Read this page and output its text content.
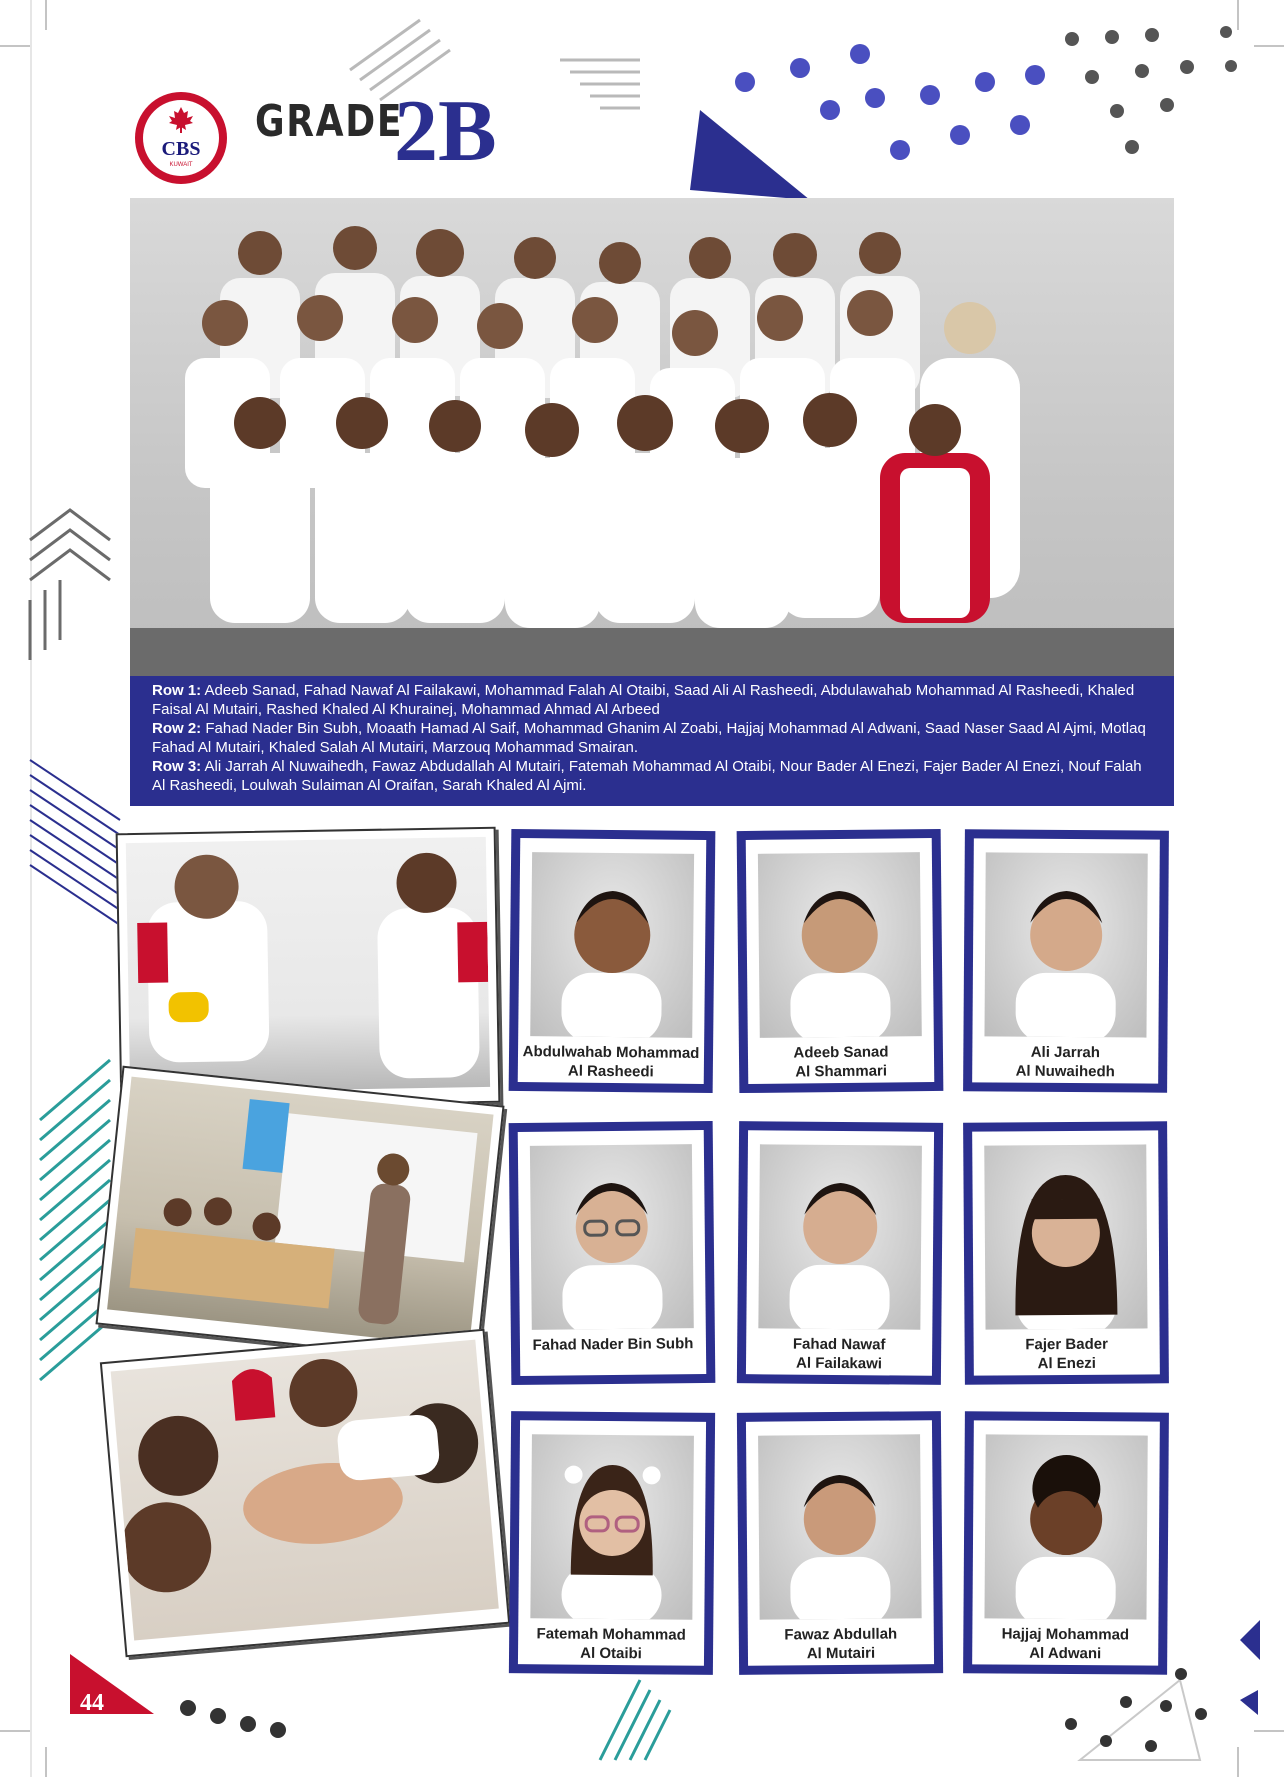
CBS
KUWAIT
GRADE
2B
Row 1: Adeeb Sanad, Fahad Nawaf Al Failakawi, Mohammad Falah Al Otaibi, Saad Ali Al Rasheedi, Abdulawahab Mohammad Al Rasheedi, Khaled Faisal Al Mutairi, Rashed Khaled Al Khurainej, Mohammad Ahmad Al Arbeed
Row 2: Fahad Nader Bin Subh, Moaath Hamad Al Saif, Mohammad Ghanim Al Zoabi, Hajjaj Mohammad Al Adwani, Saad Naser Saad Al Ajmi, Motlaq Fahad Al Mutairi, Khaled Salah Al Mutairi, Marzouq Mohammad Smairan.
Row 3: Ali Jarrah Al Nuwaihedh, Fawaz Abdudallah Al Mutairi, Fatemah Mohammad Al Otaibi, Nour Bader Al Enezi, Fajer Bader Al Enezi, Nouf Falah Al Rasheedi, Loulwah Sulaiman Al Oraifan, Sarah Khaled Al Ajmi.
Abdulwahab Mohammad
Al Rasheedi
Adeeb Sanad
Al Shammari
Ali Jarrah
Al Nuwaihedh
Fahad Nader Bin Subh	Fahad Nawaf
Al Failakawi
Fajer Bader
Al Enezi
Fatemah Mohammad
Al Otaibi
Fawaz Abdullah
Al Mutairi
Hajjaj Mohammad
Al Adwani
44
